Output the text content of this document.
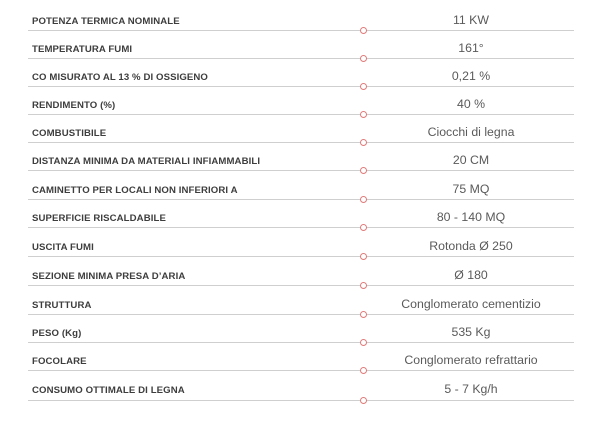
POTENZA TERMICA NOMINALE	11 KW
TEMPERATURA FUMI	161°
CO MISURATO AL 13 % DI OSSIGENO	0,21 %
RENDIMENTO (%)	40 %
COMBUSTIBILE	Ciocchi di legna
DISTANZA MINIMA DA MATERIALI INFIAMMABILI	20 CM
CAMINETTO PER LOCALI NON INFERIORI A	75 MQ
SUPERFICIE RISCALDABILE	80 - 140 MQ
USCITA FUMI	Rotonda Ø 250
SEZIONE MINIMA PRESA D’ARIA	Ø 180
STRUTTURA	Conglomerato cementizio
PESO (Kg)	535 Kg
FOCOLARE	Conglomerato refrattario
CONSUMO OTTIMALE DI LEGNA	5 - 7 Kg/h
